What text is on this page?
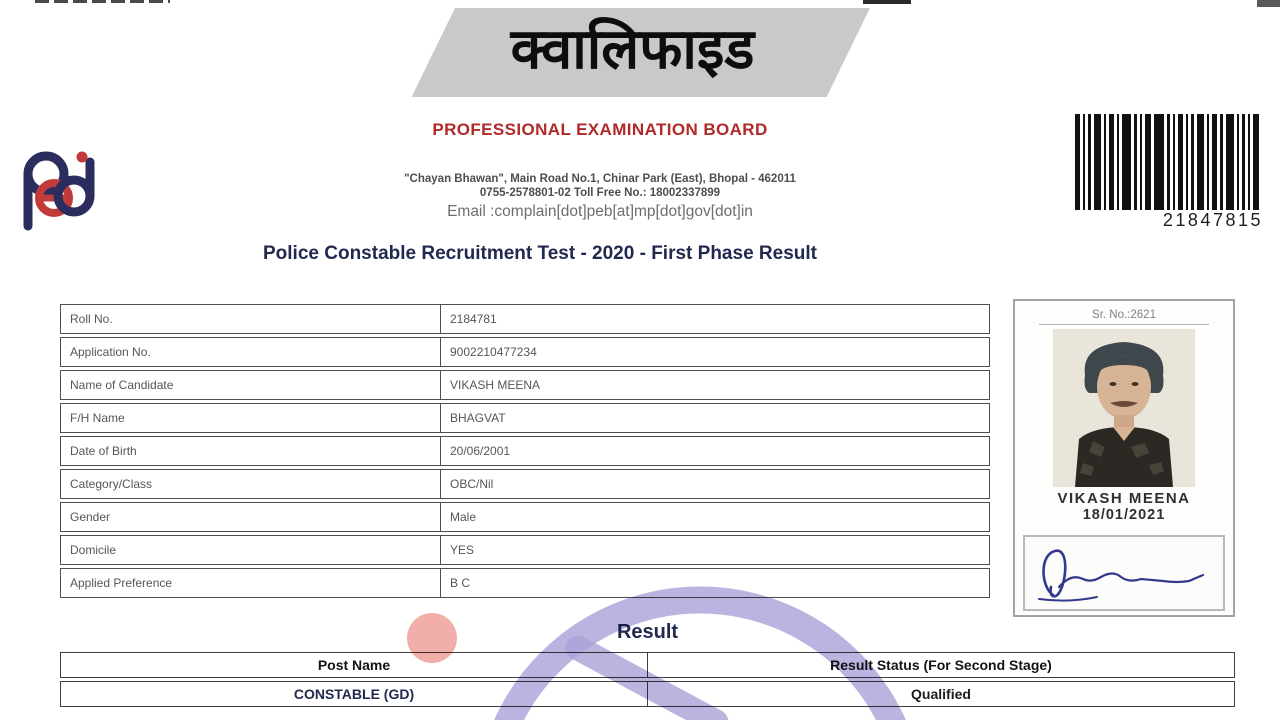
क्वालिफाइड
PROFESSIONAL EXAMINATION BOARD
"Chayan Bhawan", Main Road No.1, Chinar Park (East), Bhopal - 462011
0755-2578801-02 Toll Free No.: 18002337899
Email :complain[dot]peb[at]mp[dot]gov[dot]in	21847815
Police Constable Recruitment Test - 2020 - First Phase Result
Roll No.	2184781
Application No.	9002210477234
Name of Candidate	VIKASH MEENA
F/H Name	BHAGVAT
Date of Birth	20/06/2001
Category/Class	OBC/Nil
Gender	Male
Domicile	YES
Applied Preference	B C
Sr. No.:2621
VIKASH MEENA
18/01/2021
Result
Post Name	Result Status (For Second Stage)
CONSTABLE (GD)	Qualified
